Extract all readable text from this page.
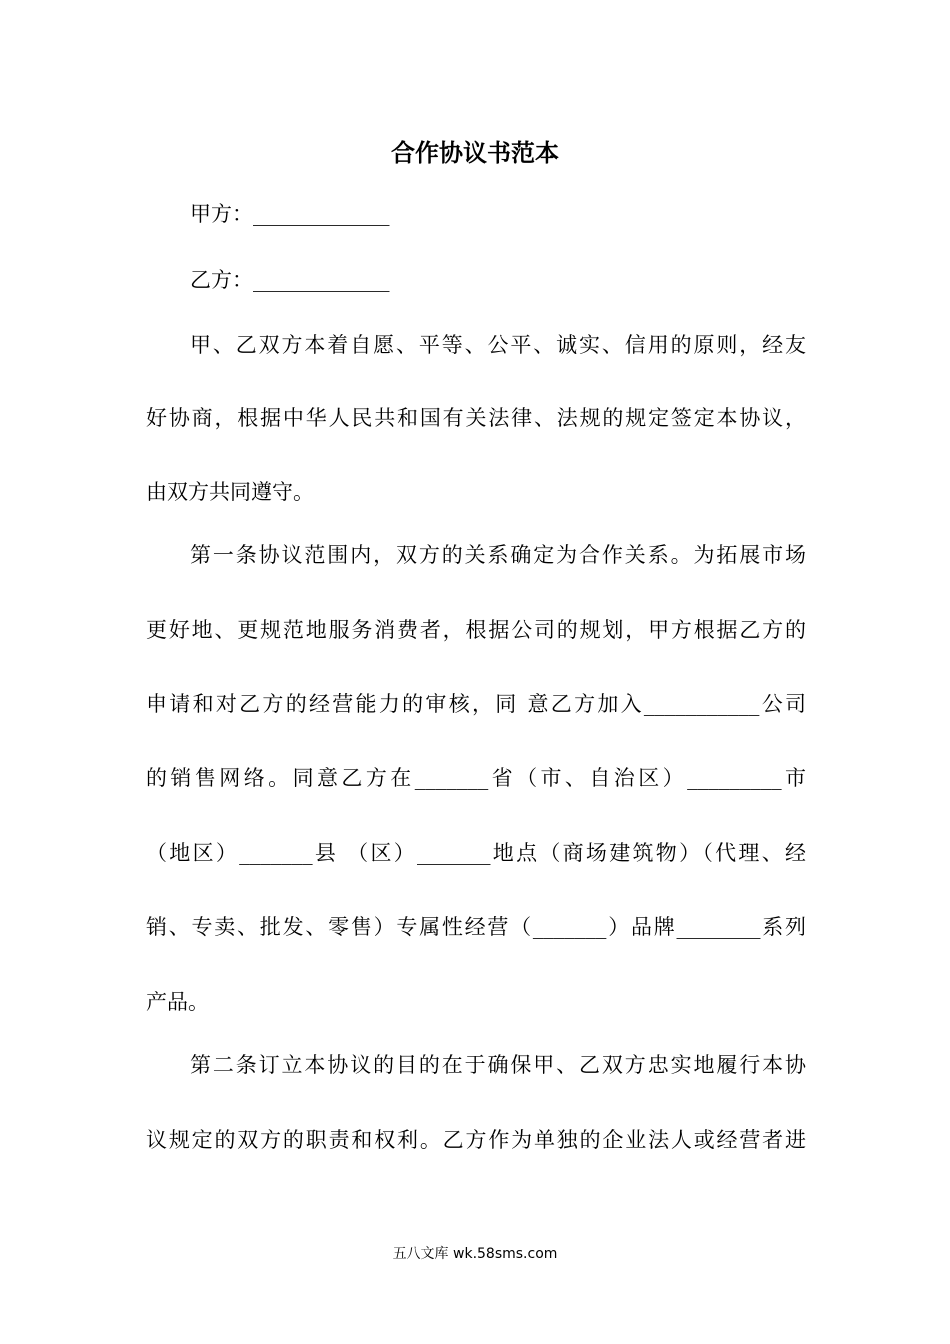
合作协议书范本
甲方：_____________
乙方：_____________
甲、乙双方本着自愿、平等、公平、诚实、信用的原则，经友
好协商，根据中华人民共和国有关法律、法规的规定签定本协议，
由双方共同遵守。
第一条协议范围内，双方的关系确定为合作关系。为拓展市场
更好地、更规范地服务消费者，根据公司的规划，甲方根据乙方的
申请和对乙方的经营能力的审核，同 意乙方加入___________公司
的销售网络。同意乙方在_______省（市、自治区）_________市
（地区）_______县 （区）_______地点（商场建筑物）（代理、经
销、专卖、批发、零售）专属性经营（_______）品牌________系列
产品。
第二条订立本协议的目的在于确保甲、乙双方忠实地履行本协
议规定的双方的职责和权利。乙方作为单独的企业法人或经营者进
五八文库 wk.58sms.com
